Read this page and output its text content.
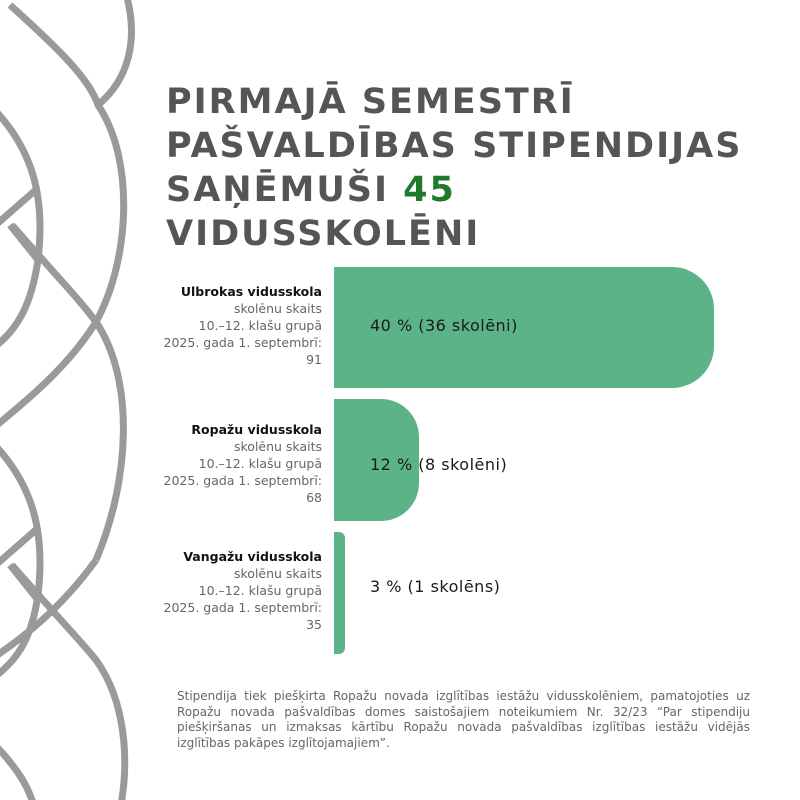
PIRMAJĀ SEMESTRĪ
PAŠVALDĪBAS STIPENDIJAS
SAŅĒMUŠI 45 VIDUSSKOLĒNI
Ulbrokas vidusskola
skolēnu skaits
10.–12. klašu grupā
2025. gada 1. septembrī:
91
40 % (36 skolēni)
Ropažu vidusskola
skolēnu skaits
10.–12. klašu grupā
2025. gada 1. septembrī:
68
12 % (8 skolēni)
Vangažu vidusskola
skolēnu skaits
10.–12. klašu grupā
2025. gada 1. septembrī:
35
3 % (1 skolēns)

Stipendija tiek piešķirta Ropažu novada izglītības iestāžu vidusskolēniem, pamatojoties uz Ropažu novada pašvaldības domes saistošajiem noteikumiem Nr. 32/23 “Par stipendiju piešķiršanas un izmaksas kārtību Ropažu novada pašvaldības izglītības iestāžu vidējās izglītības pakāpes izglītojamajiem”.
